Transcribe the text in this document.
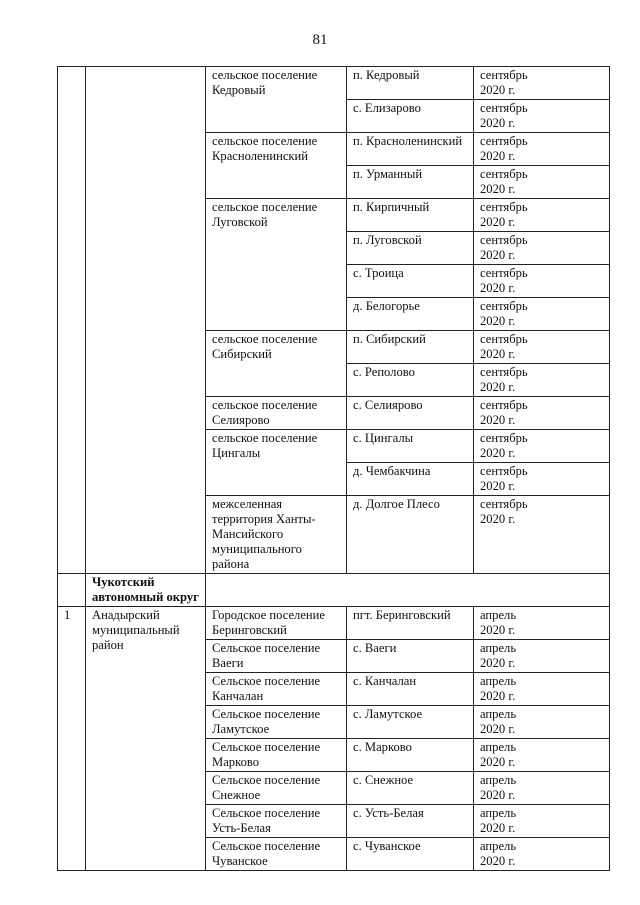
81
		сельское поселение Кедровый	п. Кедровый	сентябрь
2020 г.

			с. Елизарово	сентябрь
2020 г.

		сельское поселение Красноленинский	п. Красноленинский	сентябрь
2020 г.

			п. Урманный	сентябрь
2020 г.

		сельское поселение Луговской	п. Кирпичный	сентябрь
2020 г.

			п. Луговской	сентябрь
2020 г.

			с. Троица	сентябрь
2020 г.

			д. Белогорье	сентябрь
2020 г.

		сельское поселение Сибирский	п. Сибирский	сентябрь
2020 г.

			с. Реполово	сентябрь
2020 г.

		сельское поселение Селиярово	с. Селиярово	сентябрь
2020 г.

		сельское поселение Цингалы	с. Цингалы	сентябрь
2020 г.

			д. Чембакчина	сентябрь
2020 г.

		межселенная территория Ханты-Мансийского муниципального района	д. Долгое Плесо	сентябрь
2020 г.

	Чукотский автономный округ			
1	Анадырский муниципальный район	Городское поселение Беринговский	пгт. Беринговский	апрель
2020 г.

		Сельское поселение Ваеги	с. Ваеги	апрель
2020 г.

		Сельское поселение Канчалан	с. Канчалан	апрель
2020 г.

		Сельское поселение Ламутское	с. Ламутское	апрель
2020 г.

		Сельское поселение Марково	с. Марково	апрель
2020 г.

		Сельское поселение Снежное	с. Снежное	апрель
2020 г.

		Сельское поселение Усть-Белая	с. Усть-Белая	апрель
2020 г.

		Сельское поселение Чуванское	с. Чуванское	апрель
2020 г.
